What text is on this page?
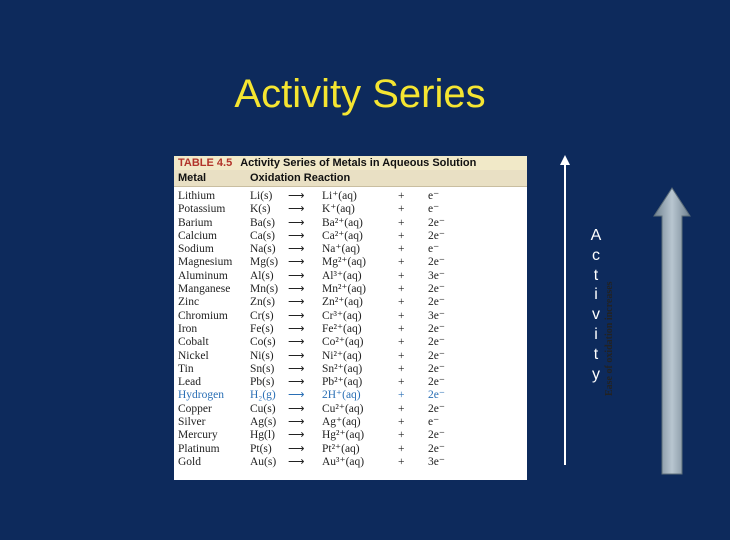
Activity Series
TABLE 4.5 Activity Series of Metals in Aqueous Solution
Metal	Oxidation Reaction
Lithium	Li(s) ⟶ Li⁺(aq)	+ e⁻
Potassium K(s) ⟶ K⁺(aq)	+ e⁻
Barium	Ba(s) ⟶ Ba²⁺(aq)	+ 2e⁻
Calcium	Ca(s) ⟶ Ca²⁺(aq)	+ 2e⁻
Sodium	Na(s) ⟶ Na⁺(aq)	+ e⁻
Magnesium Mg(s) ⟶ Mg²⁺(aq)	+ 2e⁻
Aluminum Al(s) ⟶ Al³⁺(aq)	+ 3e⁻
Manganese Mn(s) ⟶ Mn²⁺(aq)	+ 2e⁻
Zinc	Zn(s) ⟶ Zn²⁺(aq)	+ 2e⁻
Chromium Cr(s) ⟶ Cr³⁺(aq)	+ 3e⁻
Iron	Fe(s) ⟶ Fe²⁺(aq)	+ 2e⁻
Cobalt	Co(s) ⟶ Co²⁺(aq)	+ 2e⁻
Nickel	Ni(s) ⟶ Ni²⁺(aq)	+ 2e⁻
Tin	Sn(s) ⟶ Sn²⁺(aq)	+ 2e⁻
Lead	Pb(s) ⟶ Pb²⁺(aq)	+ 2e⁻
Hydrogen H₂(g) ⟶ 2H⁺(aq)	+ 2e⁻
Copper	Cu(s) ⟶ Cu²⁺(aq)	+ 2e⁻
Silver	Ag(s) ⟶ Ag⁺(aq)	+ e⁻
Mercury	Hg(l) ⟶ Hg²⁺(aq)	+ 2e⁻
Platinum	Pt(s) ⟶ Pt²⁺(aq)	+ 2e⁻
Gold	Au(s) ⟶ Au³⁺(aq)	+ 3e⁻
Ease of oxidation increases
A
c
t
i
v
i
t
y
